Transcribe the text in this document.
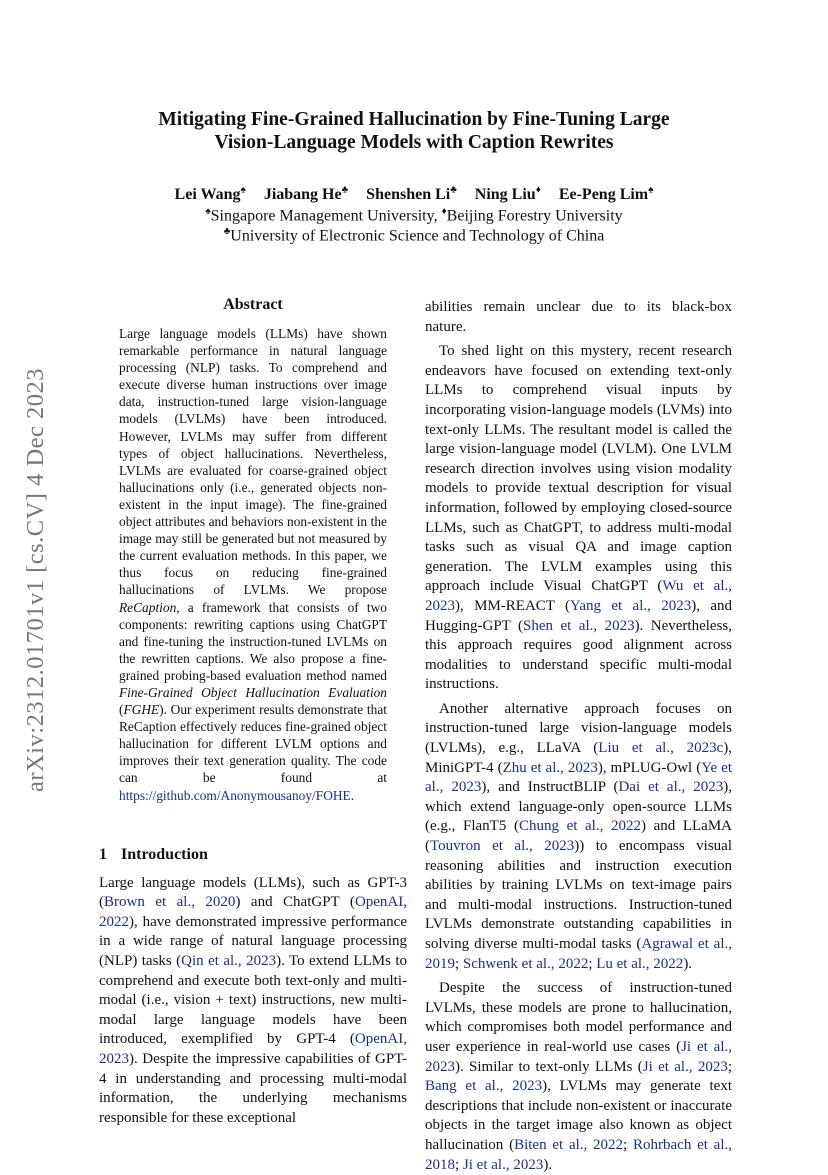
arXiv:2312.01701v1 [cs.CV] 4 Dec 2023
Mitigating Fine-Grained Hallucination by Fine-Tuning Large
Vision-Language Models with Caption Rewrites
Lei Wang♠ Jiabang He♣ Shenshen Li♣ Ning Liu♦ Ee-Peng Lim♠
♠Singapore Management University, ♦Beijing Forestry University
♣University of Electronic Science and Technology of China
Abstract
Large language models (LLMs) have shown remarkable performance in natural language processing (NLP) tasks. To comprehend and execute diverse human instructions over image data, instruction-tuned large vision-language models (LVLMs) have been introduced. However, LVLMs may suffer from different types of object hallucinations. Nevertheless, LVLMs are evaluated for coarse-grained object hallucinations only (i.e., generated objects non-existent in the input image). The fine-grained object attributes and behaviors non-existent in the image may still be generated but not measured by the current evaluation methods. In this paper, we thus focus on reducing fine-grained hallucinations of LVLMs. We propose ReCaption, a framework that consists of two components: rewriting captions using ChatGPT and fine-tuning the instruction-tuned LVLMs on the rewritten captions. We also propose a fine-grained probing-based evaluation method named Fine-Grained Object Hallucination Evaluation (FGHE). Our experiment results demonstrate that ReCaption effectively reduces fine-grained object hallucination for different LVLM options and improves their text generation quality. The code can be found at https://github.com/Anonymousanoy/FOHE.
1 Introduction

Large language models (LLMs), such as GPT-3 (Brown et al., 2020) and ChatGPT (OpenAI, 2022), have demonstrated impressive performance in a wide range of natural language processing (NLP) tasks (Qin et al., 2023). To extend LLMs to comprehend and execute both text-only and multi-modal (i.e., vision + text) instructions, new multi-modal large language models have been introduced, exemplified by GPT-4 (OpenAI, 2023). Despite the impressive capabilities of GPT-4 in understanding and processing multi-modal information, the underlying mechanisms responsible for these exceptional

abilities remain unclear due to its black-box nature.

To shed light on this mystery, recent research endeavors have focused on extending text-only LLMs to comprehend visual inputs by incorporating vision-language models (LVMs) into text-only LLMs. The resultant model is called the large vision-language model (LVLM). One LVLM research direction involves using vision modality models to provide textual description for visual information, followed by employing closed-source LLMs, such as ChatGPT, to address multi-modal tasks such as visual QA and image caption generation. The LVLM examples using this approach include Visual ChatGPT (Wu et al., 2023), MM-REACT (Yang et al., 2023), and Hugging-GPT (Shen et al., 2023). Nevertheless, this approach requires good alignment across modalities to understand specific multi-modal instructions.

Another alternative approach focuses on instruction-tuned large vision-language models (LVLMs), e.g., LLaVA (Liu et al., 2023c), MiniGPT-4 (Zhu et al., 2023), mPLUG-Owl (Ye et al., 2023), and InstructBLIP (Dai et al., 2023), which extend language-only open-source LLMs (e.g., FlanT5 (Chung et al., 2022) and LLaMA (Touvron et al., 2023)) to encompass visual reasoning abilities and instruction execution abilities by training LVLMs on text-image pairs and multi-modal instructions. Instruction-tuned LVLMs demonstrate outstanding capabilities in solving diverse multi-modal tasks (Agrawal et al., 2019; Schwenk et al., 2022; Lu et al., 2022).

Despite the success of instruction-tuned LVLMs, these models are prone to hallucination, which compromises both model performance and user experience in real-world use cases (Ji et al., 2023). Similar to text-only LLMs (Ji et al., 2023; Bang et al., 2023), LVLMs may generate text descriptions that include non-existent or inaccurate objects in the target image also known as object hallucination (Biten et al., 2022; Rohrbach et al., 2018; Ji et al., 2023).
